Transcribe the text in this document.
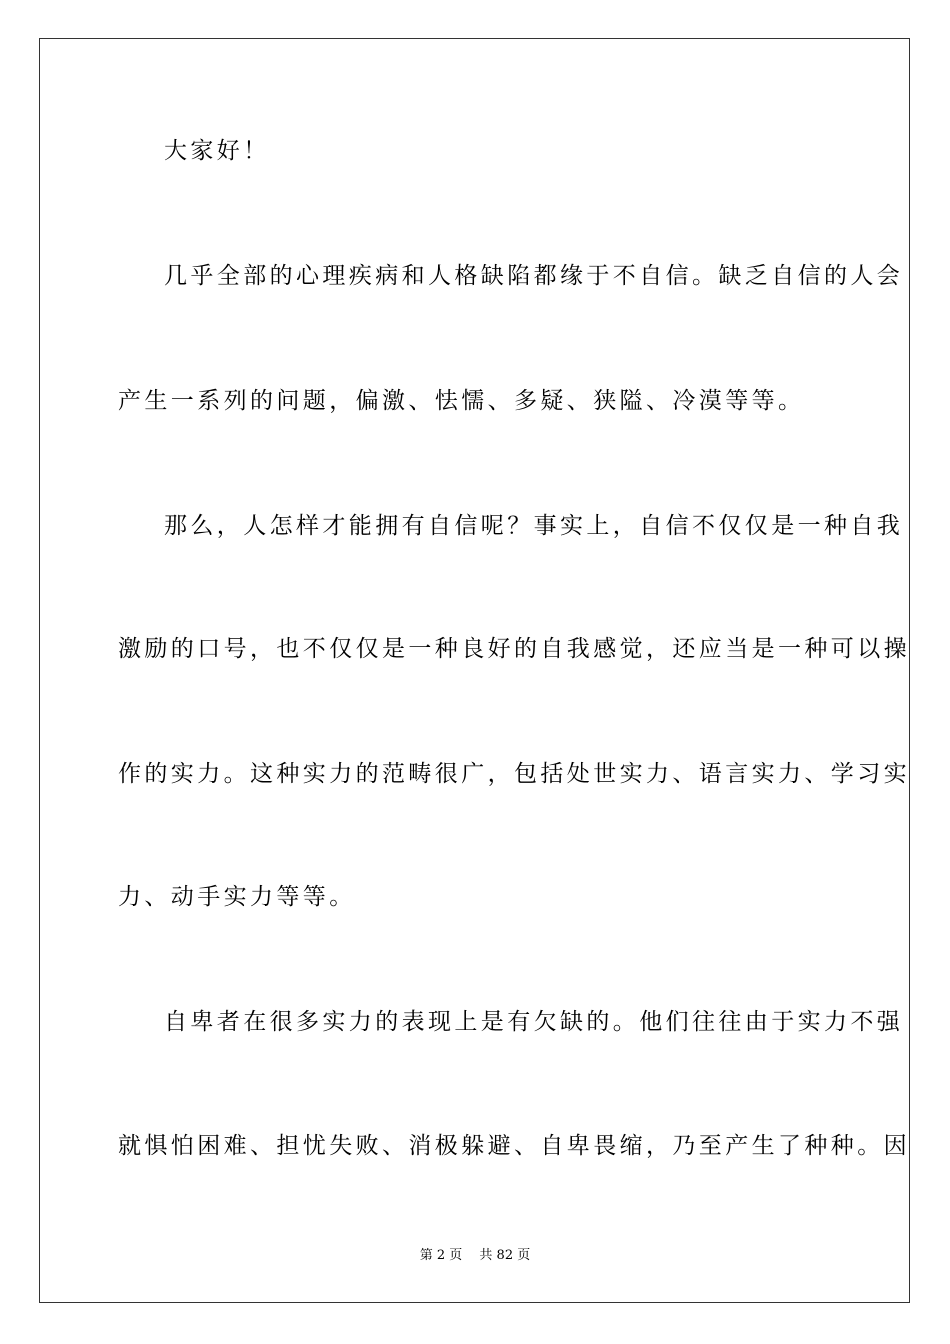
大家好！
几乎全部的心理疾病和人格缺陷都缘于不自信。缺乏自信的人会
产生一系列的问题，偏激、怯懦、多疑、狭隘、冷漠等等。
那么，人怎样才能拥有自信呢？事实上，自信不仅仅是一种自我
激励的口号，也不仅仅是一种良好的自我感觉，还应当是一种可以操
作的实力。这种实力的范畴很广，包括处世实力、语言实力、学习实
力、动手实力等等。
自卑者在很多实力的表现上是有欠缺的。他们往往由于实力不强
就惧怕困难、担忧失败、消极躲避、自卑畏缩，乃至产生了种种。因
第 2 页　 共 82 页
